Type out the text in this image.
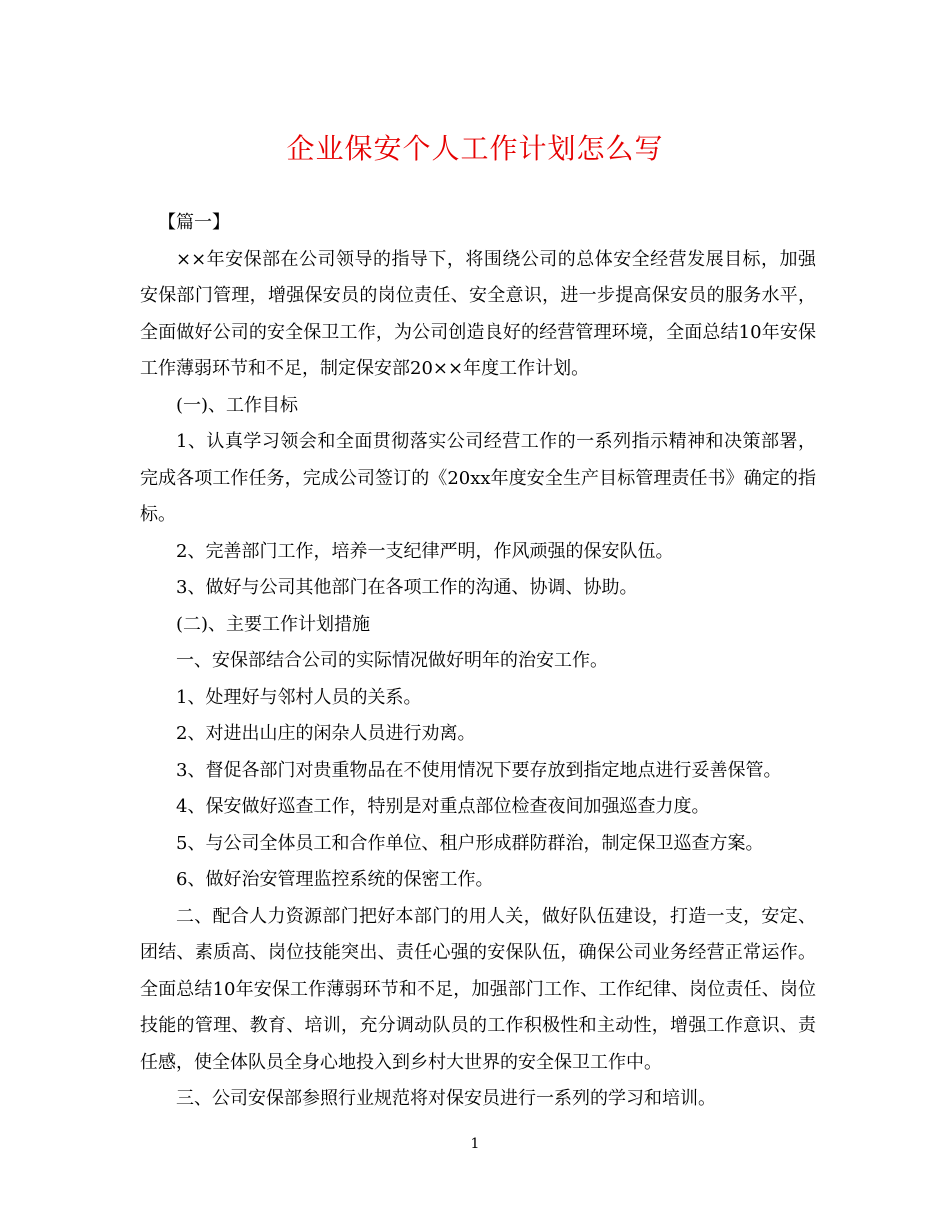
企业保安个人工作计划怎么写

【篇一】

××年安保部在公司领导的指导下，将围绕公司的总体安全经营发展目标，加强安保部门管理，增强保安员的岗位责任、安全意识，进一步提高保安员的服务水平，全面做好公司的安全保卫工作，为公司创造良好的经营管理环境，全面总结10年安保工作薄弱环节和不足，制定保安部20××年度工作计划。

(一)、工作目标

1、认真学习领会和全面贯彻落实公司经营工作的一系列指示精神和决策部署，完成各项工作任务，完成公司签订的《20xx年度安全生产目标管理责任书》确定的指标。

2、完善部门工作，培养一支纪律严明，作风顽强的保安队伍。

3、做好与公司其他部门在各项工作的沟通、协调、协助。

(二)、主要工作计划措施

一、安保部结合公司的实际情况做好明年的治安工作。

1、处理好与邻村人员的关系。

2、对进出山庄的闲杂人员进行劝离。

3、督促各部门对贵重物品在不使用情况下要存放到指定地点进行妥善保管。

4、保安做好巡查工作，特别是对重点部位检查夜间加强巡查力度。

5、与公司全体员工和合作单位、租户形成群防群治，制定保卫巡查方案。

6、做好治安管理监控系统的保密工作。

二、配合人力资源部门把好本部门的用人关，做好队伍建设，打造一支，安定、团结、素质高、岗位技能突出、责任心强的安保队伍，确保公司业务经营正常运作。全面总结10年安保工作薄弱环节和不足，加强部门工作、工作纪律、岗位责任、岗位技能的管理、教育、培训，充分调动队员的工作积极性和主动性，增强工作意识、责任感，使全体队员全身心地投入到乡村大世界的安全保卫工作中。

三、公司安保部参照行业规范将对保安员进行一系列的学习和培训。

1
